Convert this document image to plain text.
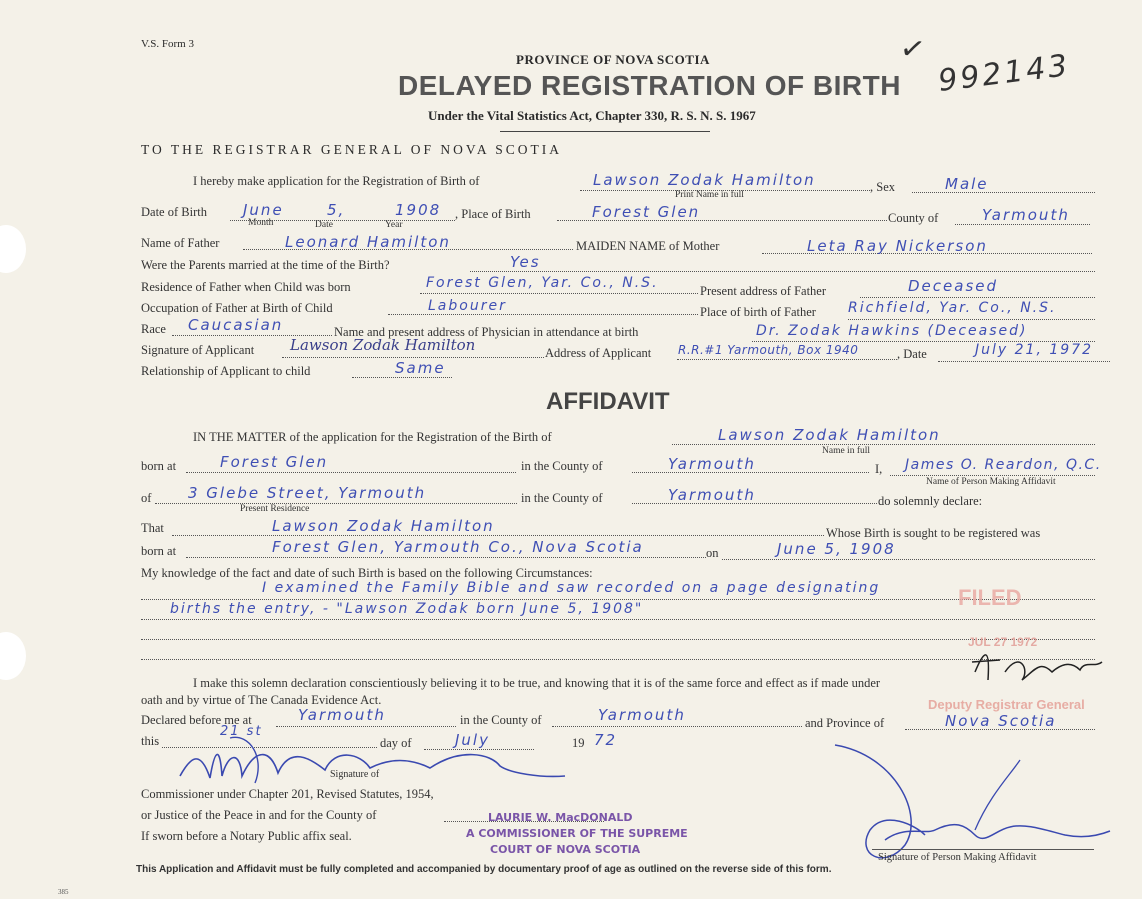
V.S. Form 3
PROVINCE OF NOVA SCOTIA
DELAYED REGISTRATION OF BIRTH
Under the Vital Statistics Act, Chapter 330, R. S. N. S. 1967
✓ 992143
TO THE REGISTRAR GENERAL OF NOVA SCOTIA
I hereby make application for the Registration of Birth of	Lawson Zodak Hamilton
Print Name in full
, Sex	Male
Date of Birth June	5,	1908
Month	Date	Year
, Place of Birth	Forest Glen	County of	Yarmouth
Name of Father	Leonard Hamilton	MAIDEN NAME of Mother	Leta Ray Nickerson
Were the Parents married at the time of the Birth?	Yes
Residence of Father when Child was born	Forest Glen, Yar. Co., N.S.	Present address of Father	Deceased
Occupation of Father at Birth of Child	Labourer	Place of birth of Father Richfield, Yar. Co., N.S.
Race Caucasian	Name and present address of Physician in attendance at birth	Dr. Zodak Hawkins (Deceased)
Signature of Applicant Lawson Zodak Hamilton	Address of Applicant R.R.#1 Yarmouth, Box 1940	, Date	July 21, 1972
Relationship of Applicant to child	Same
AFFIDAVIT
IN THE MATTER of the application for the Registration of the Birth of	Lawson Zodak Hamilton
Name in full
born at	Forest Glen	in the County of	Yarmouth	I, James O. Reardon, Q.C.
Name of Person Making Affidavit
of 3 Glebe Street, Yarmouth
Present Residence
in the County of	Yarmouth	do solemnly declare:
That	Lawson Zodak Hamilton	Whose Birth is sought to be registered was
born at	Forest Glen, Yarmouth Co., Nova Scotia	on	June 5, 1908
My knowledge of the fact and date of such Birth is based on the following Circumstances:
I examined the Family Bible and saw recorded on a page designating
births the entry, - "Lawson Zodak born June 5, 1908"	FILED
JUL 27 1972
Deputy Registrar General
I make this solemn declaration conscientiously believing it to be true, and knowing that it is of the same force and effect as if made under
oath and by virtue of The Canada Evidence Act.
Declared before me at	Yarmouth	in the County of	Yarmouth	and Province of	Nova Scotia
this
21 st
day of	July	19 72
Signature of
Commissioner under Chapter 201, Revised Statutes, 1954,
or Justice of the Peace in and for the County of
If sworn before a Notary Public affix seal.
LAURIE W. MacDONALD
A COMMISSIONER OF THE SUPREME
COURT OF NOVA SCOTIA
Signature of Person Making Affidavit
This Application and Affidavit must be fully completed and accompanied by documentary proof of age as outlined on the reverse side of this form.
385
